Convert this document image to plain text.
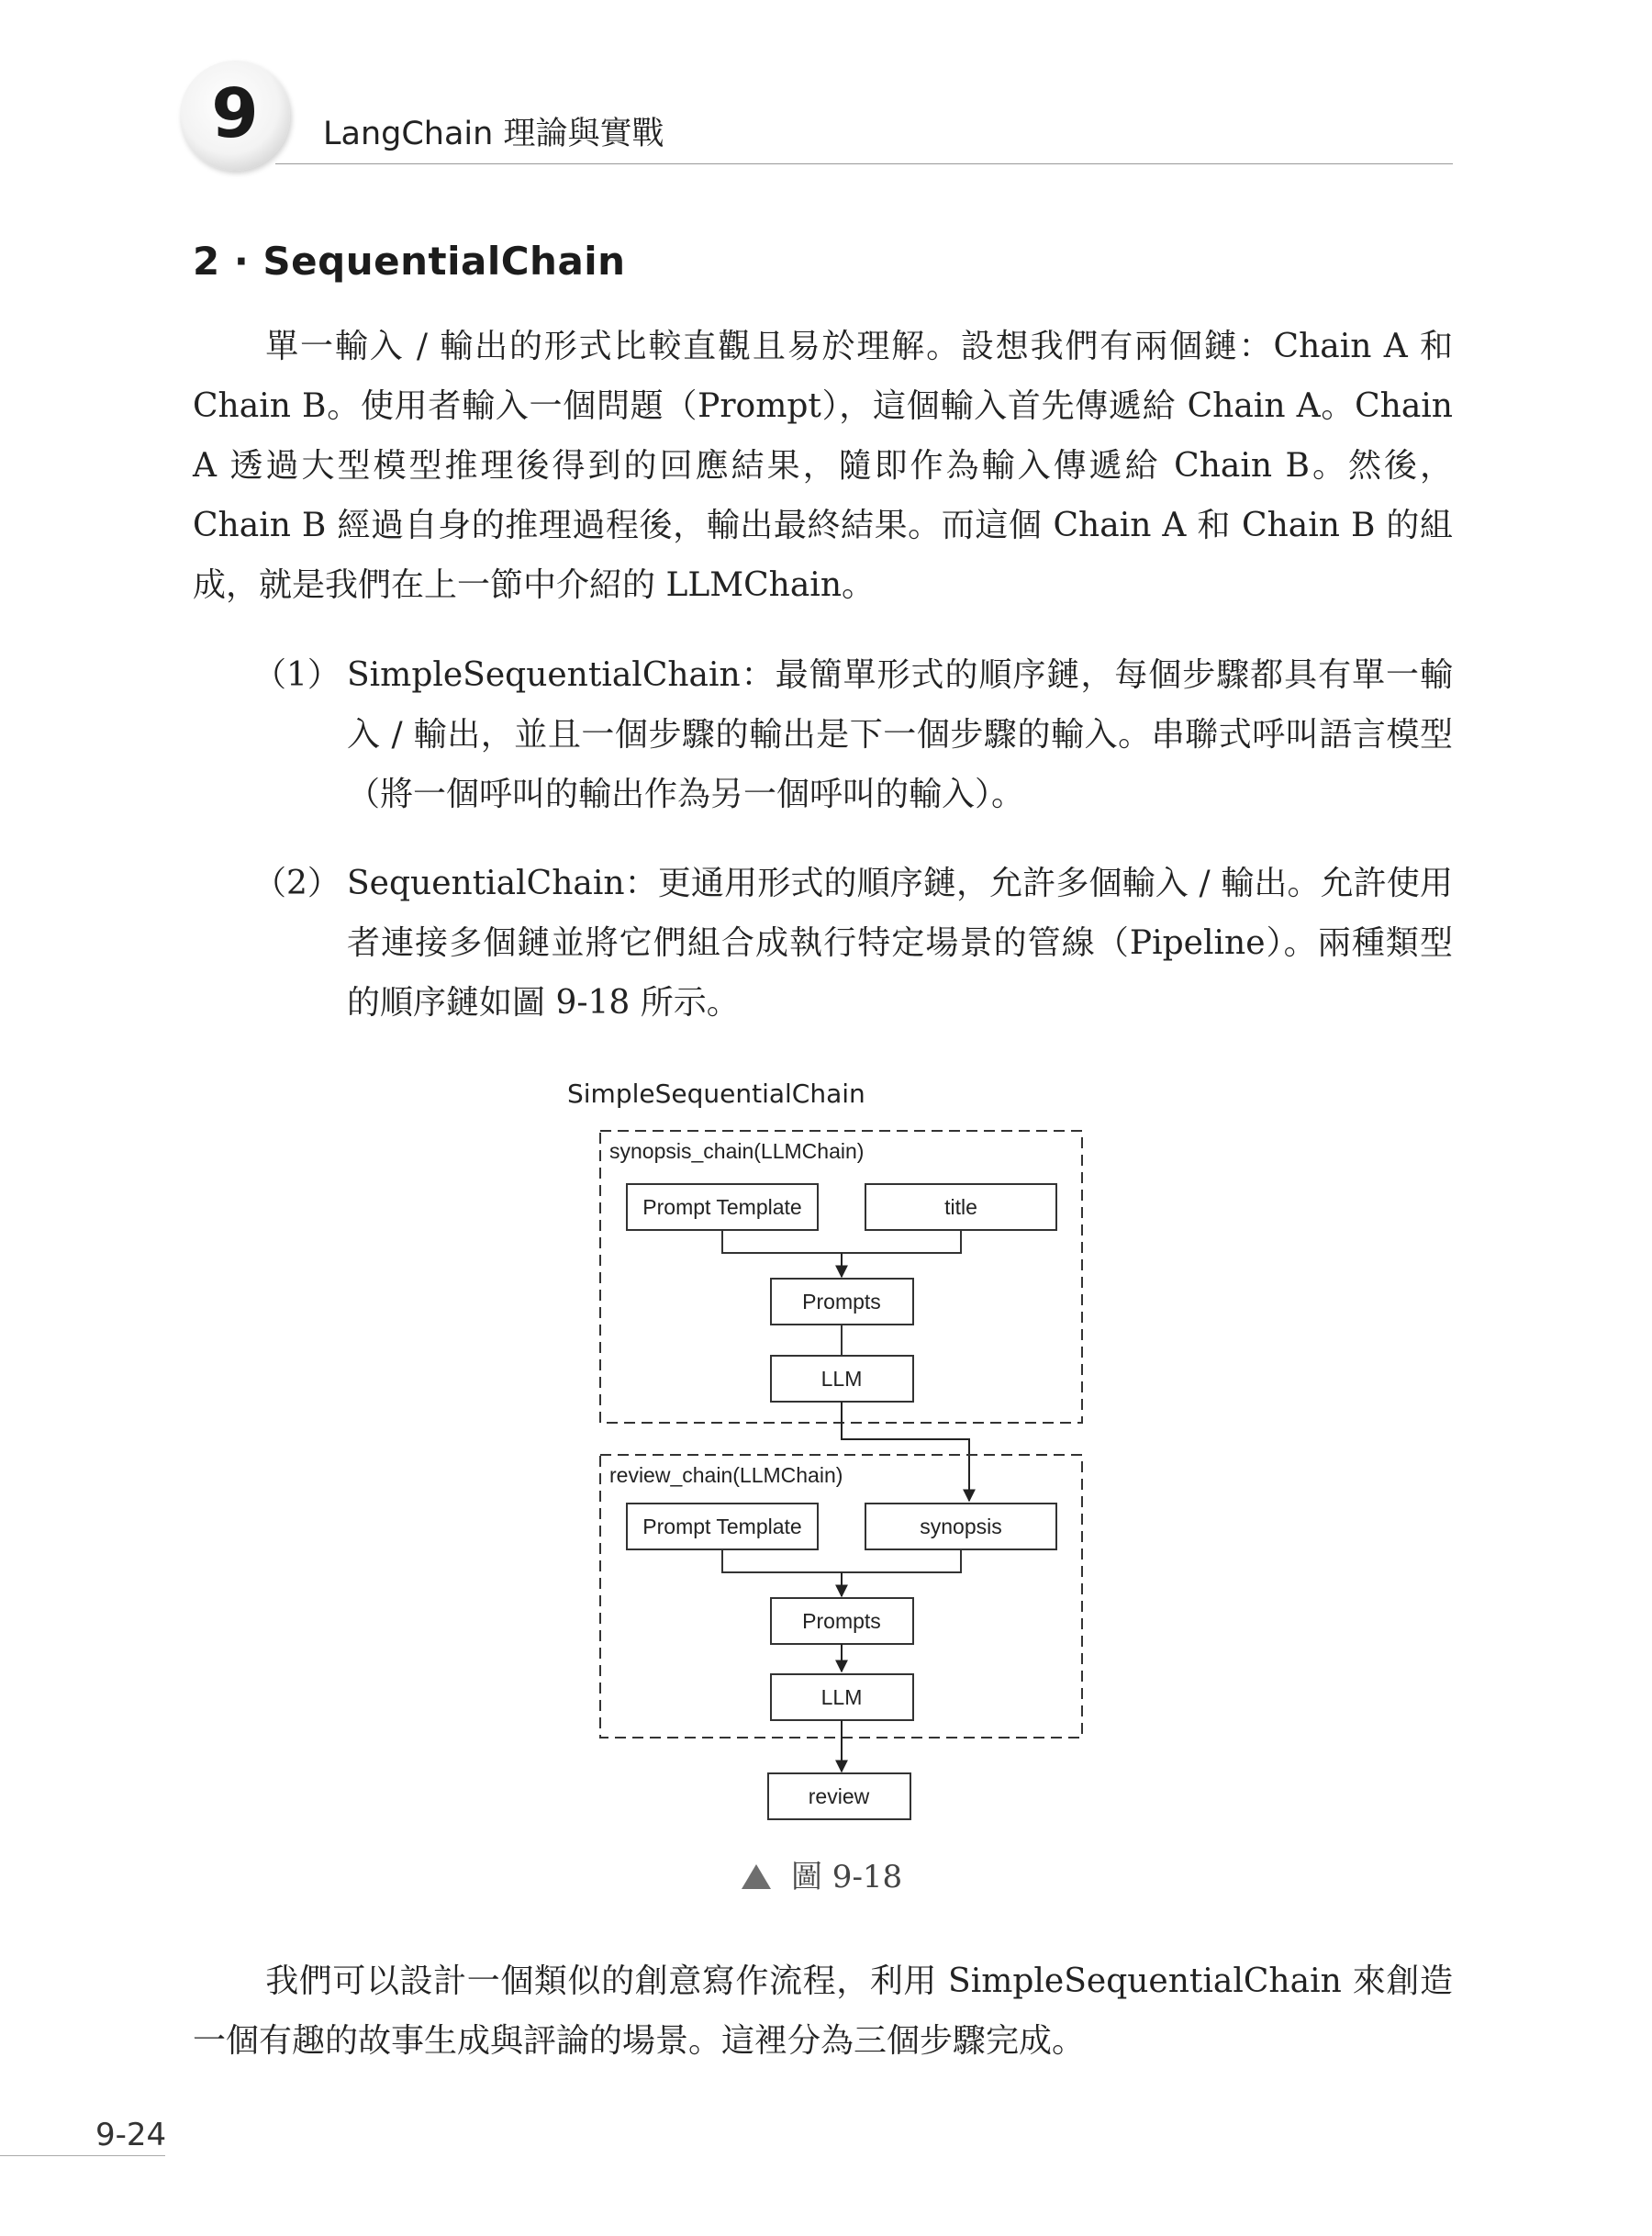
9	LangChain 理論與實戰
2 · SequentialChain

單一輸入 / 輸出的形式比較直觀且易於理解。設想我們有兩個鏈：Chain A 和 Chain B。使用者輸入一個問題（Prompt），這個輸入首先傳遞給 Chain A。Chain A 透過大型模型推理後得到的回應結果，隨即作為輸入傳遞給 Chain B。然後，Chain B 經過自身的推理過程後，輸出最終結果。而這個 Chain A 和 Chain B 的組成，就是我們在上一節中介紹的 LLMChain。

（1） SimpleSequentialChain：最簡單形式的順序鏈，每個步驟都具有單一輸入 / 輸出，並且一個步驟的輸出是下一個步驟的輸入。串聯式呼叫語言模型（將一個呼叫的輸出作為另一個呼叫的輸入）。
（2） SequentialChain：更通用形式的順序鏈，允許多個輸入 / 輸出。允許使用者連接多個鏈並將它們組合成執行特定場景的管線（Pipeline）。兩種類型的順序鏈如圖 9-18 所示。
SimpleSequentialChain
synopsis_chain(LLMChain)
Prompt Template	title
Prompts
LLM
review_chain(LLMChain)
Prompt Template	synopsis
Prompts
LLM
review
圖 9-18

我們可以設計一個類似的創意寫作流程，利用 SimpleSequentialChain 來創造一個有趣的故事生成與評論的場景。這裡分為三個步驟完成。

9-24
